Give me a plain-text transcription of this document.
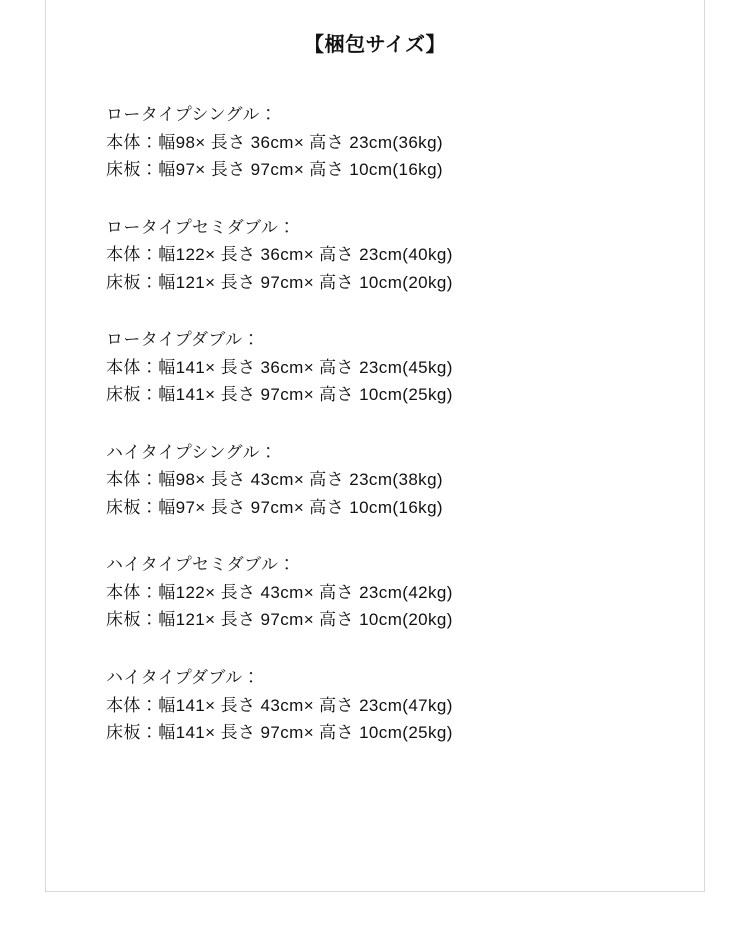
【梱包サイズ】
ロータイプシングル：
本体：幅98× 長さ 36cm× 高さ 23cm(36kg)
床板：幅97× 長さ 97cm× 高さ 10cm(16kg)
ロータイプセミダブル：
本体：幅122× 長さ 36cm× 高さ 23cm(40kg)
床板：幅121× 長さ 97cm× 高さ 10cm(20kg)
ロータイプダブル：
本体：幅141× 長さ 36cm× 高さ 23cm(45kg)
床板：幅141× 長さ 97cm× 高さ 10cm(25kg)
ハイタイプシングル：
本体：幅98× 長さ 43cm× 高さ 23cm(38kg)
床板：幅97× 長さ 97cm× 高さ 10cm(16kg)
ハイタイプセミダブル：
本体：幅122× 長さ 43cm× 高さ 23cm(42kg)
床板：幅121× 長さ 97cm× 高さ 10cm(20kg)
ハイタイプダブル：
本体：幅141× 長さ 43cm× 高さ 23cm(47kg)
床板：幅141× 長さ 97cm× 高さ 10cm(25kg)
